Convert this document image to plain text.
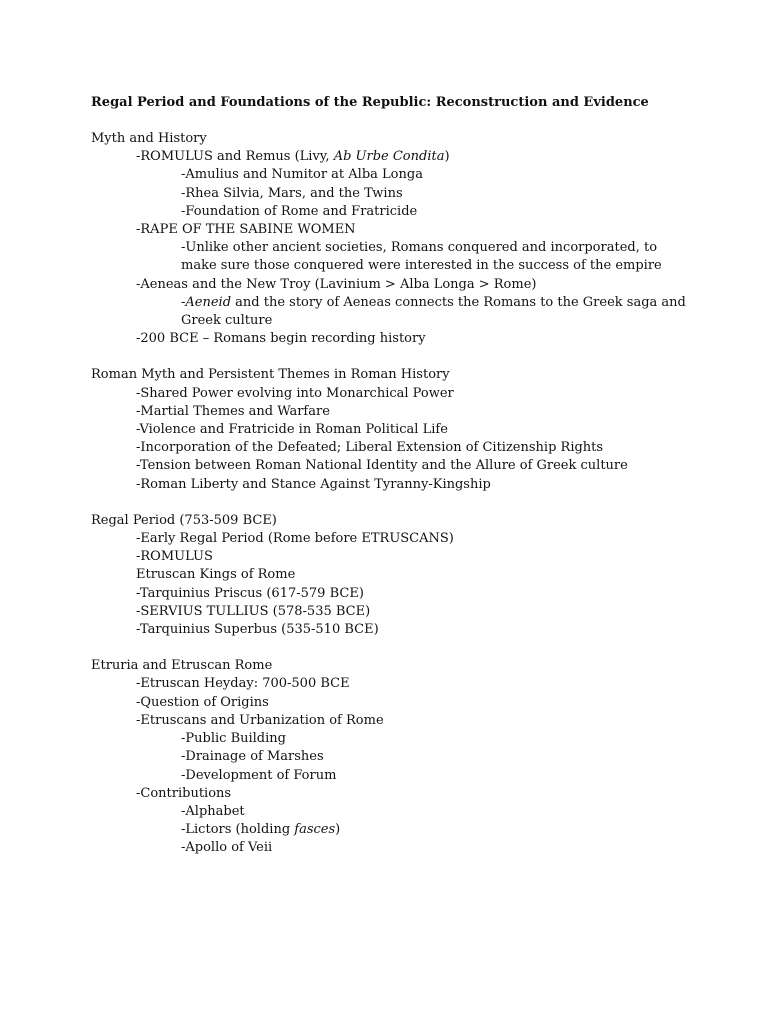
Regal Period and Foundations of the Republic: Reconstruction and Evidence

Myth and History

-ROMULUS and Remus (Livy, Ab Urbe Condita)

-Amulius and Numitor at Alba Longa

-Rhea Silvia, Mars, and the Twins

-Foundation of Rome and Fratricide

-RAPE OF THE SABINE WOMEN

-Unlike other ancient societies, Romans conquered and incorporated, to

make sure those conquered were interested in the success of the empire

-Aeneas and the New Troy (Lavinium > Alba Longa > Rome)

-Aeneid and the story of Aeneas connects the Romans to the Greek saga and

Greek culture

-200 BCE – Romans begin recording history

Roman Myth and Persistent Themes in Roman History

-Shared Power evolving into Monarchical Power

-Martial Themes and Warfare

-Violence and Fratricide in Roman Political Life

-Incorporation of the Defeated; Liberal Extension of Citizenship Rights

-Tension between Roman National Identity and the Allure of Greek culture

-Roman Liberty and Stance Against Tyranny-Kingship

Regal Period (753-509 BCE)

-Early Regal Period (Rome before ETRUSCANS)

-ROMULUS

Etruscan Kings of Rome

-Tarquinius Priscus (617-579 BCE)

-SERVIUS TULLIUS (578-535 BCE)

-Tarquinius Superbus (535-510 BCE)

Etruria and Etruscan Rome

-Etruscan Heyday: 700-500 BCE

-Question of Origins

-Etruscans and Urbanization of Rome

-Public Building

-Drainage of Marshes

-Development of Forum

-Contributions

-Alphabet

-Lictors (holding fasces)

-Apollo of Veii
